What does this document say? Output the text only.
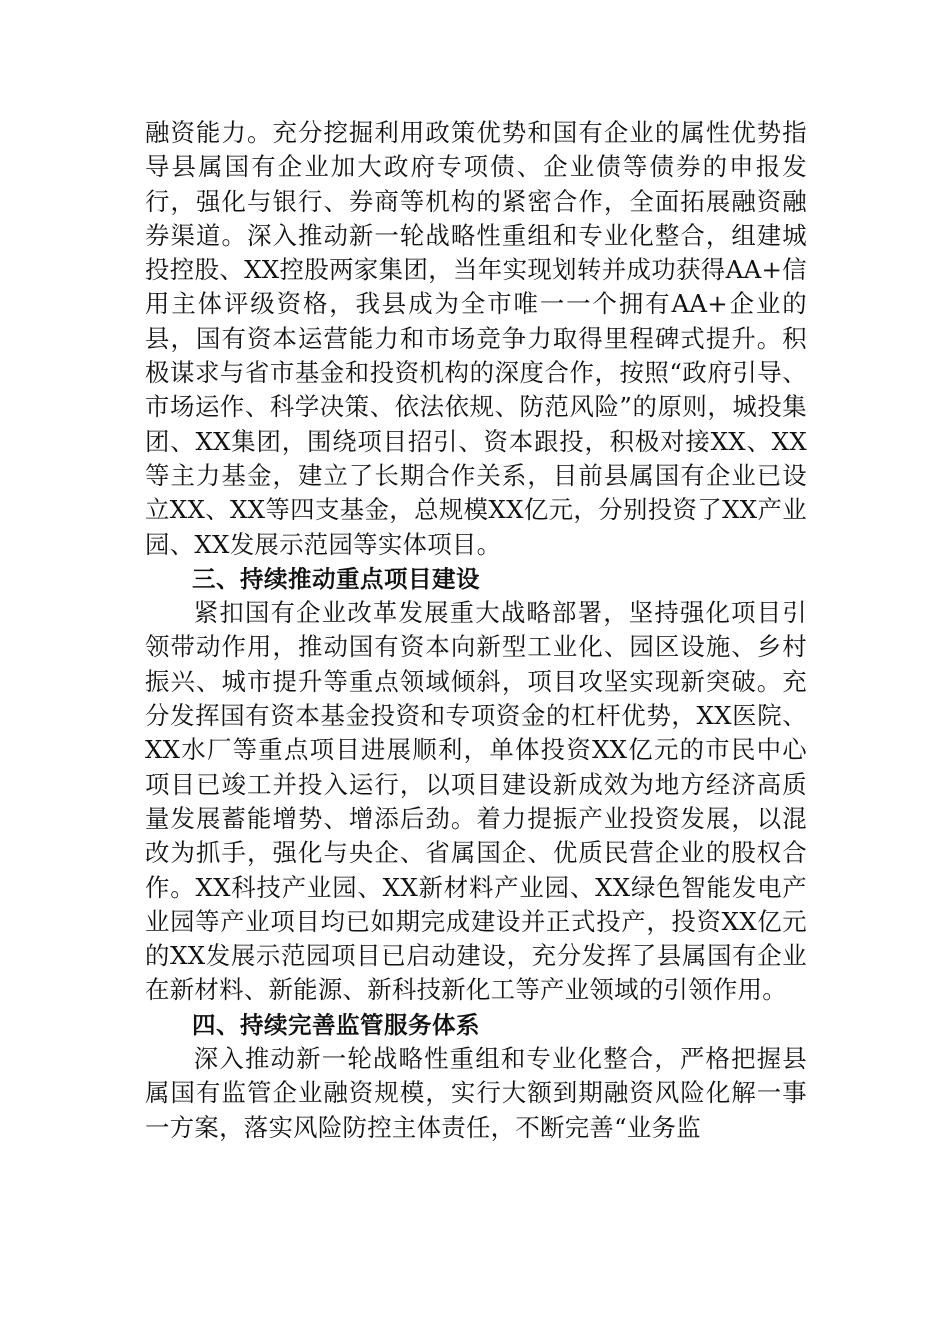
融资能力。充分挖掘利用政策优势和国有企业的属性优势指导县属国有企业加大政府专项债、企业债等债券的申报发行，强化与银行、券商等机构的紧密合作，全面拓展融资融券渠道。深入推动新一轮战略性重组和专业化整合，组建城投控股、XX控股两家集团，当年实现划转并成功获得AA+信用主体评级资格，我县成为全市唯一一个拥有AA+企业的县，国有资本运营能力和市场竞争力取得里程碑式提升。积极谋求与省市基金和投资机构的深度合作，按照“政府引导、市场运作、科学决策、依法依规、防范风险”的原则，城投集团、XX集团，围绕项目招引、资本跟投，积极对接XX、XX等主力基金，建立了长期合作关系，目前县属国有企业已设立XX、XX等四支基金，总规模XX亿元，分别投资了XX产业园、XX发展示范园等实体项目。

三、持续推动重点项目建设

紧扣国有企业改革发展重大战略部署，坚持强化项目引领带动作用，推动国有资本向新型工业化、园区设施、乡村振兴、城市提升等重点领域倾斜，项目攻坚实现新突破。充分发挥国有资本基金投资和专项资金的杠杆优势，XX医院、XX水厂等重点项目进展顺利，单体投资XX亿元的市民中心项目已竣工并投入运行，以项目建设新成效为地方经济高质量发展蓄能增势、增添后劲。着力提振产业投资发展，以混改为抓手，强化与央企、省属国企、优质民营企业的股权合作。XX科技产业园、XX新材料产业园、XX绿色智能发电产业园等产业项目均已如期完成建设并正式投产，投资XX亿元的XX发展示范园项目已启动建设，充分发挥了县属国有企业在新材料、新能源、新科技新化工等产业领域的引领作用。

四、持续完善监管服务体系

深入推动新一轮战略性重组和专业化整合，严格把握县属国有监管企业融资规模，实行大额到期融资风险化解一事一方案，落实风险防控主体责任，不断完善“业务监
